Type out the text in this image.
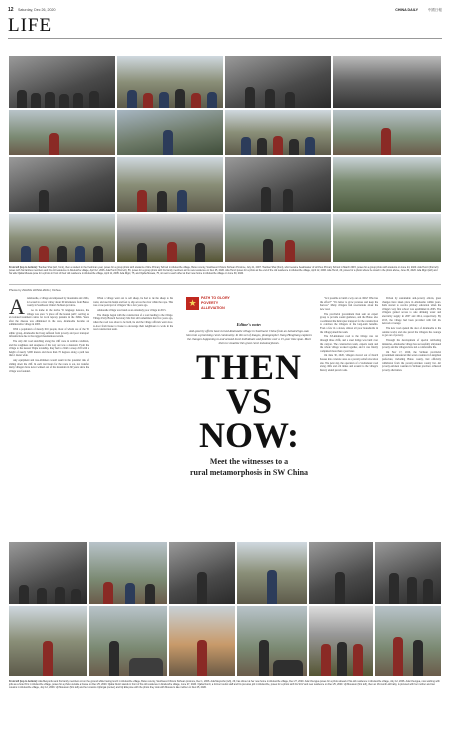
12 Saturday, Dec 26, 2020	CHINA DAILY	中國日報
LIFE
From left (top to bottom): Tianbao Shai (left, front), then a student in the freshman year, poses for a group photo with students of Ahe Primary School in Abuluozhe village, Butuo county, Southwest China's Sichuan Province, July 21, 2007. Tianbao Shai (front), who became headmaster of Lirizhuo Primary School in March 2015, poses for a group photo with students on June 24, 2020. Ada Hunzi (first left) poses with his families members and his old residence in Abuluozhe village, April 12, 2006. Ada Hunzi (first left), 56, poses for a group photo with his family members at his new residence on Dec 25, 2020. Ada Hunzi poses for a photo at the end of the old residence in Abuluozhe village, April 12, 2006. Ada Hunzi, 20, poses for a photo where he stood in the photo above, June 30, 2020. Ada Rigni (left) and his wife Ojaba Museia pose for a photo in front of their old residence in Abuluozhe village, April 11, 2005. Ada Rigni, 75, and Ojaba Museia, 75, sit next to each other at their new home in Abuluozhe village on June 30, 2020.
Photos by ZHANG HONGLIANG | Xinhua
A Abuluozhe, a village encompassed by mountains and cliffs, is located in a river valley about 60 kilometers from Butuo county in Southwest China's Sichuan province.

As its name in the native Yi language denotes, the village was once "a place off the beaten path", serving as an isolated treatment centre for local leprosy patients in the 1960s. Years after the disease was eliminated in the area, Abuluozhe became an administrative village in 2005.

With a population of merely 616 people, most of whom are of the Yi ethnic group, Abuluozhe had long suffered from poverty and poor transport infrastructure due to the rugged mountainous terrain.

The only dirt road stretching along the cliff were in terrible condition, and the roughness and steepness of the way out was a deterrent. From the village to the nearest Wujie township, they had to climb a steep cliff with a height of nearly 3,000 meters and more than 70 degrees along a path less than 1 meter wide.

Any equipment and tree-trimmers would result in the potential risk of sliding down the cliff. In each last hours for the route to eat, not transfer many villagers have never walked out of the mountain in 60 years since the village was founded.

When a village went out to sell sheep, he had to tie the sheep to his waist, and use his hands and feet to slip across the river while the rope. This was a true portrayal of villagers' life a few years ago.

Abuluozhe village was listed as an extremely poor village in 2015.

The change began with the construction of a road leading to the village. Village Party Branch Secretary Ma Zixi still remembers that five years ago, when the road was about to be built, he and the village officials went door-to-door from house to house to encourage their neighbours to work in the road construction team.

★	PATH TO GLORY
POVERTY
ALLEVIATION
Editor's note:
Anti-poverty efforts have turned Abuluozhe village in Southwest China from an isolated hgo-wan hion into a promising rural community. In this set of images, photographer Jiang Hongliang captures the changes happening to and around local individuals and families over a 15-year time span. Meet them to visualize this great rural metamorphosis.
THEN
VS
NOW:
Meet the witnesses to a
rural metamorphosis in SW China

"Is it possible to build a way out on cliffs? Who has the effort?" "It's better to grow potatoes and keep the harvest." Many villagers had reservations about the new road.

The provincial government then sent an expert group to provide sound guidance, and the Butuo also coordinated the helicopter transport for the construction to convince the villagers of the long-term benefits. Even a few in a dozen, almost all poor households in the village joined the team.

The 3.8-kilometer road to the village was cut through three cliffs, and a steel bridge was built over the canyon. The construction team, experts team and the whole village worked together, and it was finally completed more than a year later.

On June 30, 2020, villagers moved out of thatch houses into concrete ones as a poverty-relief relocation site. The next day, the operation of a 5-kilometer road along cliffs and old mines and around to the village's history ended paved roads.

Driven by sustainable anti-poverty efforts, great changes have taken place in Abuluozhe within years. Kids started to receive primary education when the village's very first school was established in 2005. The villagers gained access to safe drinking water and electricity supply in 2007 and 2014, respectively. By 2015, the village had been provided with full 4G network coverage.

The new road opened the door of Abuluozhe to the outside world, and also paved the villagers the courage to get out of poverty.

Through the development of special cultivating industries, Abuluozhe village has successfully alleviated poverty and the villagers have led a comfortable life.

On Nov 17, 2020, the Sichuan provincial government announced that seven counties in Liangshan prefecture, including Butuo county, had officially withdrawn from the poverty-stricken county list. All poverty-stricken counties in Sichuan province achieved poverty alleviation.

From left (top to bottom): Ada Meiyunbo and his family members sit on the ground while having lunch in Abuluozhe village, Butuo county, Southwest China's Sichuan province, Dec 1, 2006. Ada Meiyunbo (left), 29, has dinner at her new home in Abuluozhe village, Dec 27, 2020. Ada Chengua poses for a photo ahead of his old residence in Abuluozhe village, July 12, 2006. Ada Chengua, now working with jobs as a hotel firm in Abuluozhe village, poses for a photo outside a house on Dec 25, 2020. Ojaba Nunzi stands in front of his old residence in Abuluozhe village, June 27, 2020. Ojaba Nunzi, a former tourist staff and his previous job in Abuluozhe, poses for a photo with his SUV and new residence on Dec 25, 2020. Uji Mousson (first left), then an 18-month-old baby, is pictured with her mother and two cousins in Abuluozhe village, July 12, 2009. Uji Mousson (first left) and her cousins Uji Ergai (center) and Uji Ella pose with the photo they took with Moussu's late mother on Dec 25, 2020.
